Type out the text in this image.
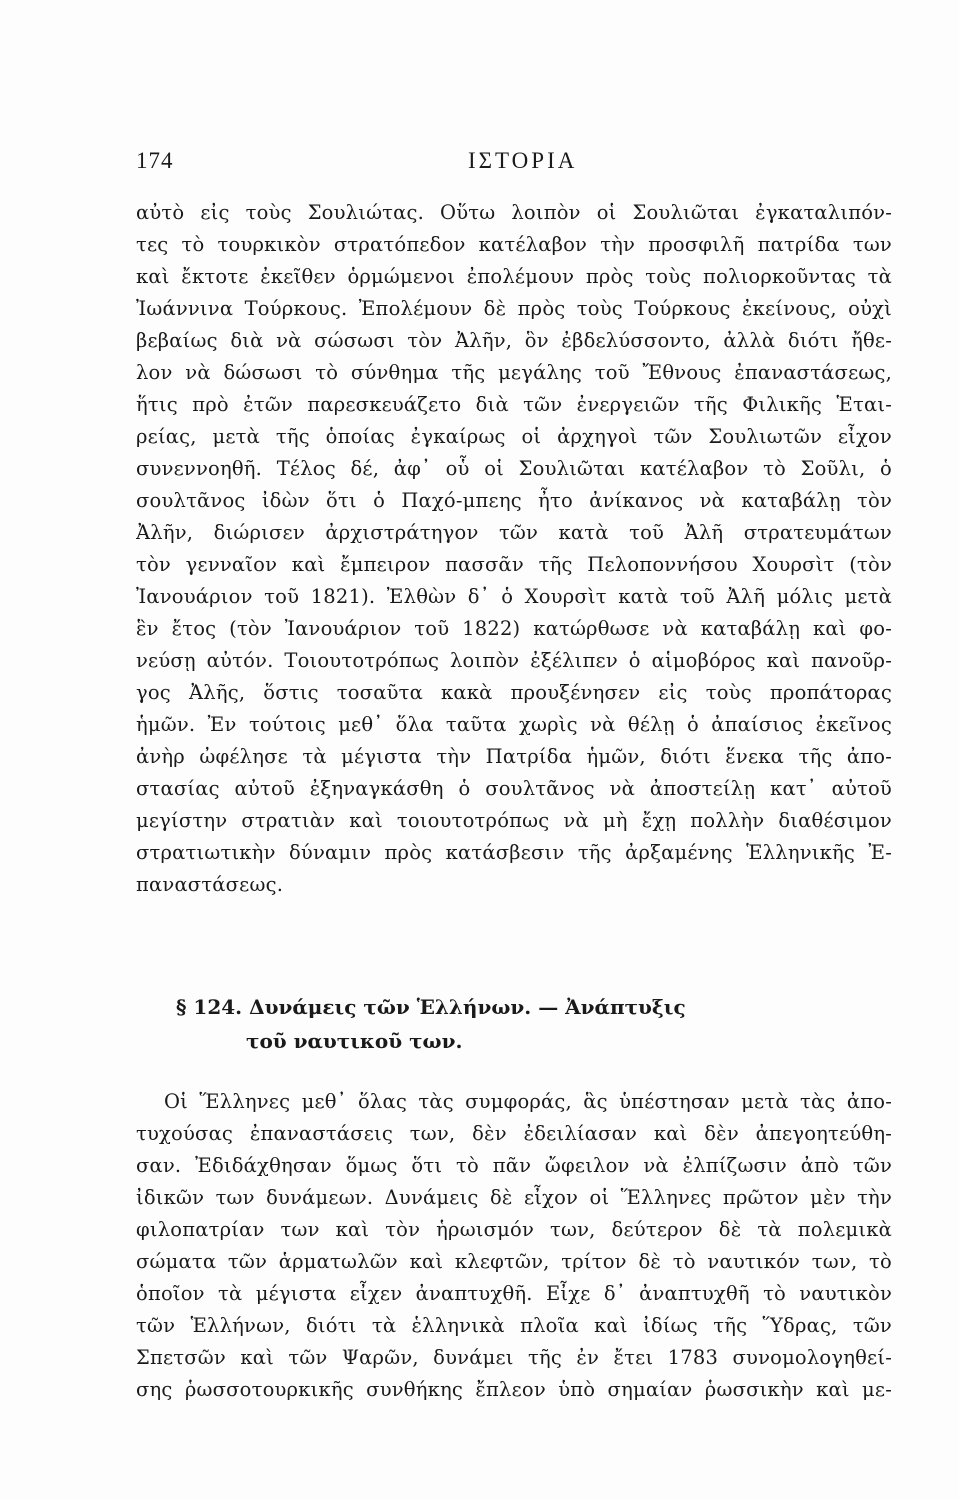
174	ΙΣΤΟΡΙΑ
αὐτὸ εἰς τοὺς Σουλιώτας. Οὕτω λοιπὸν οἱ Σουλιῶται ἐγκαταλιπόν-
τες τὸ τουρκικὸν στρατόπεδον κατέλαβον τὴν προσφιλῆ πατρίδα των
καὶ ἔκτοτε ἐκεῖθεν ὁρμώμενοι ἐπολέμουν πρὸς τοὺς πολιορκοῦντας τὰ
Ἰωάννινα Τούρκους. Ἐπολέμουν δὲ πρὸς τοὺς Τούρκους ἐκείνους, οὐχὶ
βεβαίως διὰ νὰ σώσωσι τὸν Ἀλῆν, ὃν ἐβδελύσσοντο, ἀλλὰ διότι ἤθε-
λον νὰ δώσωσι τὸ σύνθημα τῆς μεγάλης τοῦ Ἔθνους ἐπαναστάσεως,
ἥτις πρὸ ἐτῶν παρεσκευάζετο διὰ τῶν ἐνεργειῶν τῆς Φιλικῆς Ἑται-
ρείας, μετὰ τῆς ὁποίας ἐγκαίρως οἱ ἀρχηγοὶ τῶν Σουλιωτῶν εἶχον
συνεννοηθῆ. Τέλος δέ, ἀφ᾽ οὗ οἱ Σουλιῶται κατέλαβον τὸ Σοῦλι, ὁ
σουλτᾶνος ἰδὼν ὅτι ὁ Παχό-μπεης ἦτο ἀνίκανος νὰ καταβάλῃ τὸν
Ἀλῆν, διώρισεν ἀρχιστράτηγον τῶν κατὰ τοῦ Ἀλῆ στρατευμάτων
τὸν γενναῖον καὶ ἔμπειρον πασσᾶν τῆς Πελοποννήσου Χουρσὶτ (τὸν
Ἰανουάριον τοῦ 1821). Ἐλθὼν δ᾽ ὁ Χουρσὶτ κατὰ τοῦ Ἀλῆ μόλις μετὰ
ἓν ἔτος (τὸν Ἰανουάριον τοῦ 1822) κατώρθωσε νὰ καταβάλῃ καὶ φο-
νεύσῃ αὐτόν. Τοιουτοτρόπως λοιπὸν ἐξέλιπεν ὁ αἱμοβόρος καὶ πανοῦρ-
γος Ἀλῆς, ὅστις τοσαῦτα κακὰ προυξένησεν εἰς τοὺς προπάτορας
ἡμῶν. Ἐν τούτοις μεθ᾽ ὅλα ταῦτα χωρὶς νὰ θέλῃ ὁ ἀπαίσιος ἐκεῖνος
ἀνὴρ ὠφέλησε τὰ μέγιστα τὴν Πατρίδα ἡμῶν, διότι ἕνεκα τῆς ἀπο-
στασίας αὐτοῦ ἐξηναγκάσθη ὁ σουλτᾶνος νὰ ἀποστείλῃ κατ᾽ αὐτοῦ
μεγίστην στρατιὰν καὶ τοιουτοτρόπως νὰ μὴ ἔχῃ πολλὴν διαθέσιμον
στρατιωτικὴν δύναμιν πρὸς κατάσβεσιν τῆς ἀρξαμένης Ἑλληνικῆς Ἐ-
παναστάσεως.
§ 124. Δυνάμεις τῶν Ἑλλήνων. — Ἀνάπτυξις
τοῦ ναυτικοῦ των.
Οἱ Ἕλληνες μεθ᾽ ὅλας τὰς συμφοράς, ἃς ὑπέστησαν μετὰ τὰς ἀπο-
τυχούσας ἐπαναστάσεις των, δὲν ἐδειλίασαν καὶ δὲν ἀπεγοητεύθη-
σαν. Ἐδιδάχθησαν ὅμως ὅτι τὸ πᾶν ὤφειλον νὰ ἐλπίζωσιν ἀπὸ τῶν
ἰδικῶν των δυνάμεων. Δυνάμεις δὲ εἶχον οἱ Ἕλληνες πρῶτον μὲν τὴν
φιλοπατρίαν των καὶ τὸν ἡρωισμόν των, δεύτερον δὲ τὰ πολεμικὰ
σώματα τῶν ἁρματωλῶν καὶ κλεφτῶν, τρίτον δὲ τὸ ναυτικόν των, τὸ
ὁποῖον τὰ μέγιστα εἶχεν ἀναπτυχθῆ. Εἶχε δ᾽ ἀναπτυχθῆ τὸ ναυτικὸν
τῶν Ἑλλήνων, διότι τὰ ἑλληνικὰ πλοῖα καὶ ἰδίως τῆς Ὕδρας, τῶν
Σπετσῶν καὶ τῶν Ψαρῶν, δυνάμει τῆς ἐν ἔτει 1783 συνομολογηθεί-
σης ῥωσσοτουρκικῆς συνθήκης ἔπλεον ὑπὸ σημαίαν ῥωσσικὴν καὶ με-
